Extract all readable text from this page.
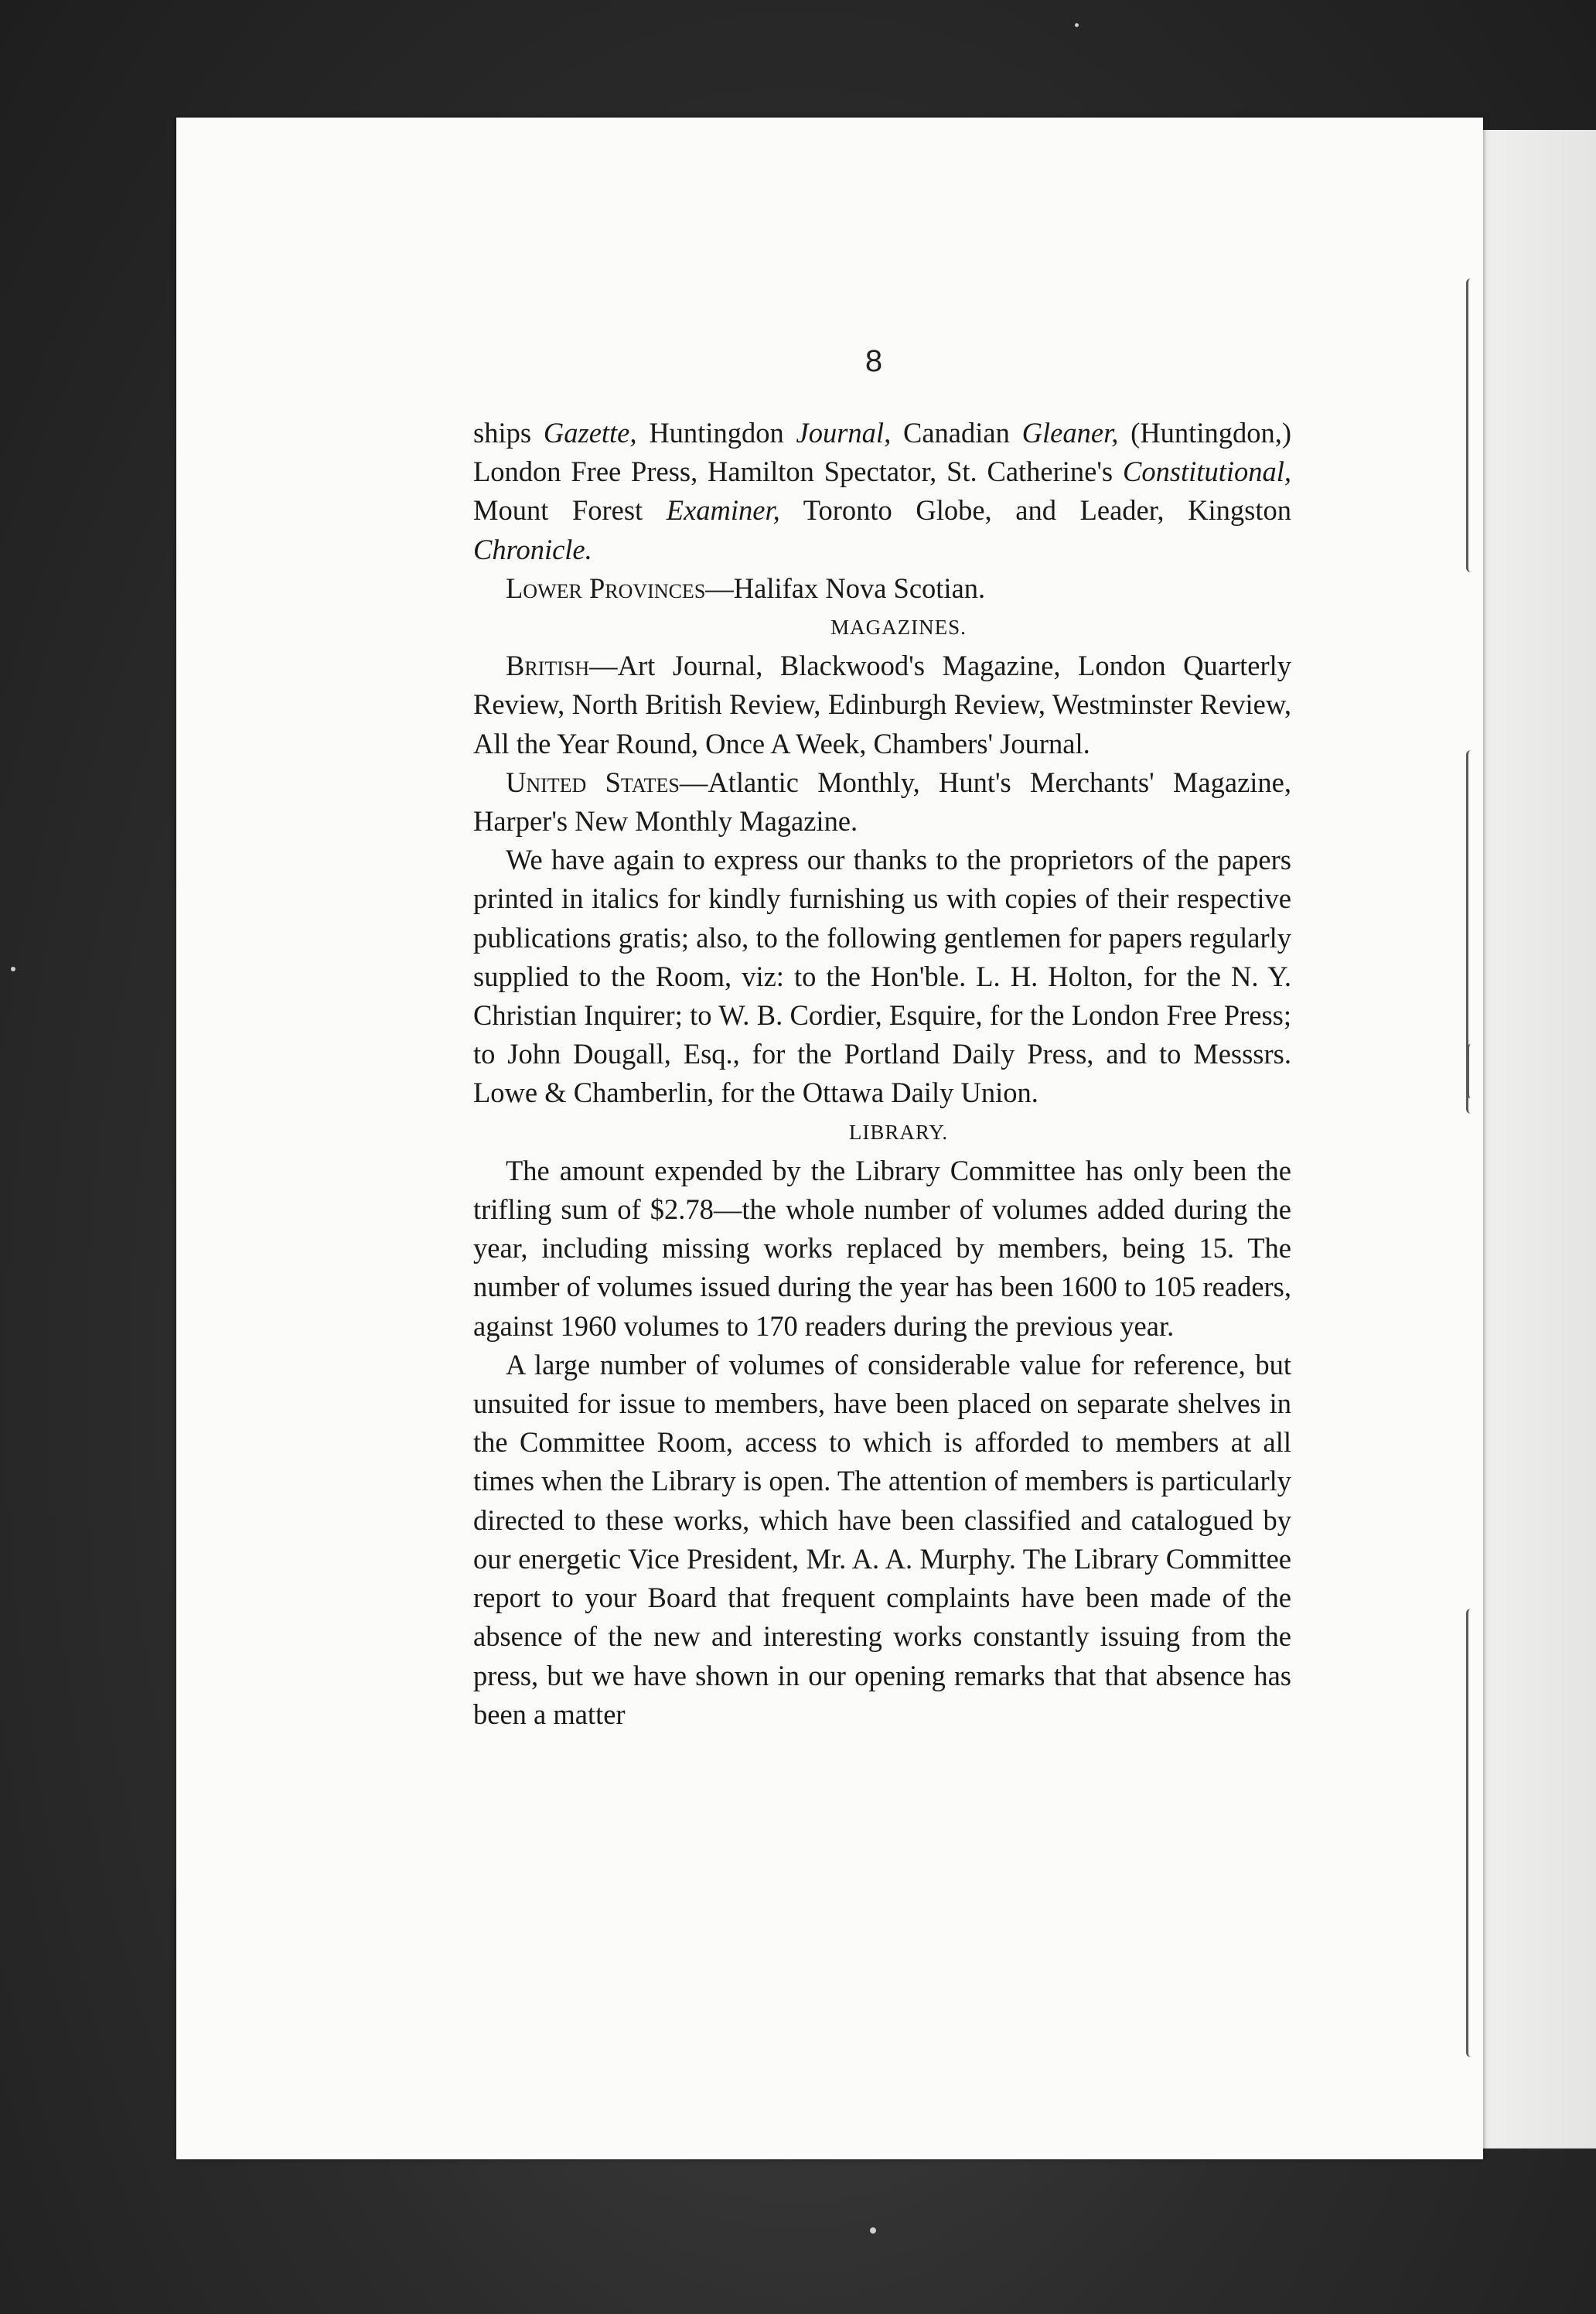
8

ships Gazette, Huntingdon Journal, Canadian Gleaner, (Huntingdon,) London Free Press, Hamilton Spectator, St. Catherine's Constitutional, Mount Forest Examiner, Toronto Globe, and Leader, Kingston Chronicle.

Lower Provinces—Halifax Nova Scotian.

MAGAZINES.

British—Art Journal, Blackwood's Magazine, London Quarterly Review, North British Review, Edinburgh Review, Westminster Review, All the Year Round, Once A Week, Chambers' Journal.

United States—Atlantic Monthly, Hunt's Merchants' Magazine, Harper's New Monthly Magazine.

We have again to express our thanks to the proprietors of the papers printed in italics for kindly furnishing us with copies of their respective publications gratis; also, to the following gentlemen for papers regularly supplied to the Room, viz: to the Hon'ble. L. H. Holton, for the N. Y. Christian Inquirer; to W. B. Cordier, Esquire, for the London Free Press; to John Dougall, Esq., for the Portland Daily Press, and to Messsrs. Lowe & Chamberlin, for the Ottawa Daily Union.

LIBRARY.

The amount expended by the Library Committee has only been the trifling sum of $2.78—the whole number of volumes added during the year, including missing works replaced by members, being 15. The number of volumes issued during the year has been 1600 to 105 readers, against 1960 volumes to 170 readers during the previous year.

A large number of volumes of considerable value for reference, but unsuited for issue to members, have been placed on separate shelves in the Committee Room, access to which is afforded to members at all times when the Library is open. The attention of members is particularly directed to these works, which have been classified and catalogued by our energetic Vice President, Mr. A. A. Murphy. The Library Committee report to your Board that frequent complaints have been made of the absence of the new and interesting works constantly issuing from the press, but we have shown in our opening remarks that that absence has been a matter
